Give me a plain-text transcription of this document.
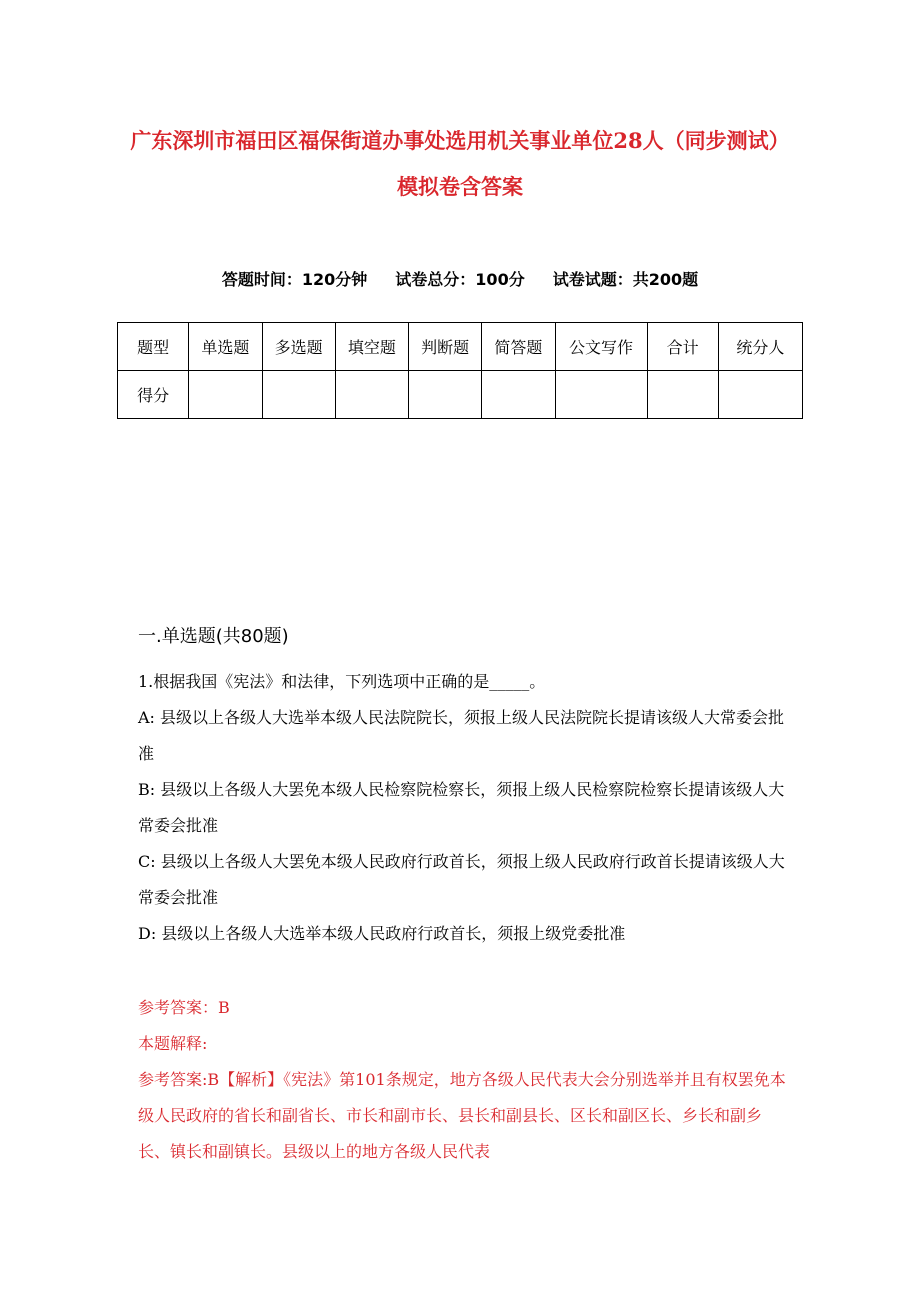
广东深圳市福田区福保街道办事处选用机关事业单位28人（同步测试）模拟卷含答案
答题时间：120分钟 试卷总分：100分 试卷试题：共200题
题型	单选题	多选题	填空题	判断题	简答题	公文写作	合计	统分人
得分								
一.单选题(共80题)

1.根据我国《宪法》和法律，下列选项中正确的是_____。

A: 县级以上各级人大选举本级人民法院院长，须报上级人民法院院长提请该级人大常委会批准

B: 县级以上各级人大罢免本级人民检察院检察长，须报上级人民检察院检察长提请该级人大常委会批准

C: 县级以上各级人大罢免本级人民政府行政首长，须报上级人民政府行政首长提请该级人大常委会批准

D: 县级以上各级人大选举本级人民政府行政首长，须报上级党委批准

参考答案：B

本题解释:

参考答案:B【解析】《宪法》第101条规定，地方各级人民代表大会分别选举并且有权罢免本级人民政府的省长和副省长、市长和副市长、县长和副县长、区长和副区长、乡长和副乡长、镇长和副镇长。县级以上的地方各级人民代表
